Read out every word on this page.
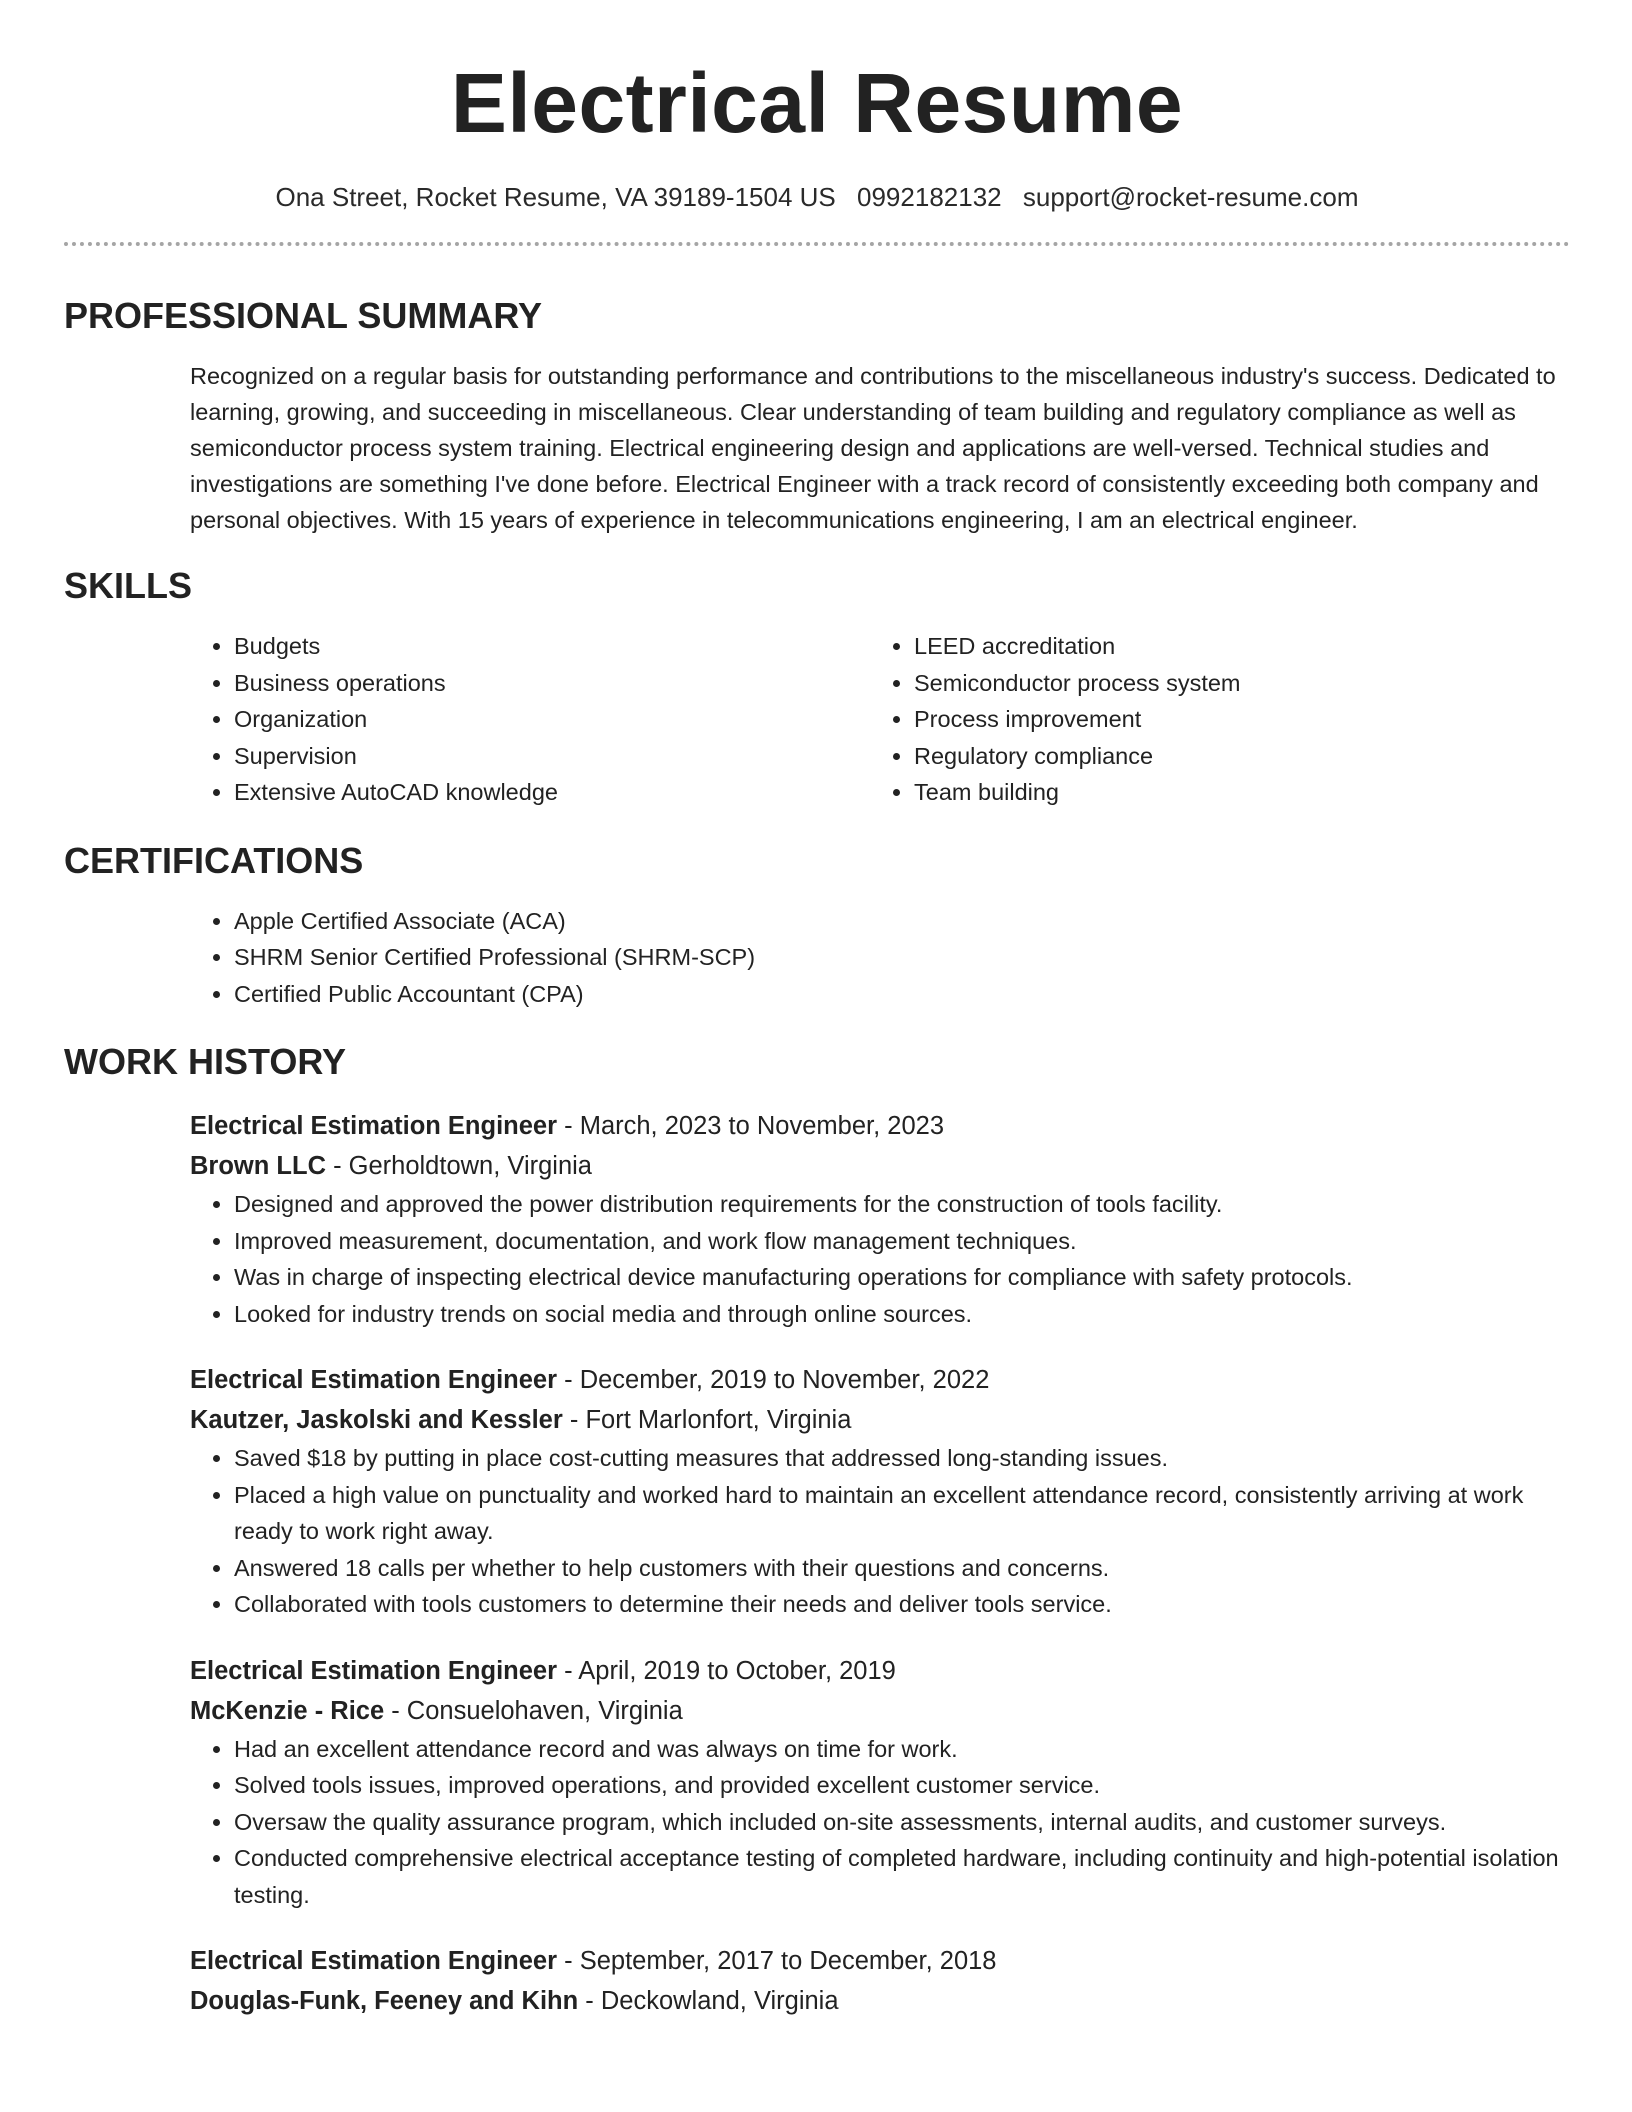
Electrical Resume
Ona Street, Rocket Resume, VA 39189-1504 US 0992182132 support@rocket-resume.com
PROFESSIONAL SUMMARY

Recognized on a regular basis for outstanding performance and contributions to the miscellaneous industry's success. Dedicated to learning, growing, and succeeding in miscellaneous. Clear understanding of team building and regulatory compliance as well as semiconductor process system training. Electrical engineering design and applications are well-versed. Technical studies and investigations are something I've done before. Electrical Engineer with a track record of consistently exceeding both company and personal objectives. With 15 years of experience in telecommunications engineering, I am an electrical engineer.

SKILLS
• Budgets
• Business operations
• Organization
• Supervision
• Extensive AutoCAD knowledge
• LEED accreditation
• Semiconductor process system
• Process improvement
• Regulatory compliance
• Team building
CERTIFICATIONS
• Apple Certified Associate (ACA)
• SHRM Senior Certified Professional (SHRM-SCP)
• Certified Public Accountant (CPA)
WORK HISTORY
Electrical Estimation Engineer - March, 2023 to November, 2023
Brown LLC - Gerholdtown, Virginia
• Designed and approved the power distribution requirements for the construction of tools facility.
• Improved measurement, documentation, and work flow management techniques.
• Was in charge of inspecting electrical device manufacturing operations for compliance with safety protocols.
• Looked for industry trends on social media and through online sources.
Electrical Estimation Engineer - December, 2019 to November, 2022
Kautzer, Jaskolski and Kessler - Fort Marlonfort, Virginia
• Saved $18 by putting in place cost-cutting measures that addressed long-standing issues.
• Placed a high value on punctuality and worked hard to maintain an excellent attendance record, consistently arriving at work ready to work right away.
• Answered 18 calls per whether to help customers with their questions and concerns.
• Collaborated with tools customers to determine their needs and deliver tools service.
Electrical Estimation Engineer - April, 2019 to October, 2019
McKenzie - Rice - Consuelohaven, Virginia
• Had an excellent attendance record and was always on time for work.
• Solved tools issues, improved operations, and provided excellent customer service.
• Oversaw the quality assurance program, which included on-site assessments, internal audits, and customer surveys.
• Conducted comprehensive electrical acceptance testing of completed hardware, including continuity and high-potential isolation testing.
Electrical Estimation Engineer - September, 2017 to December, 2018
Douglas-Funk, Feeney and Kihn - Deckowland, Virginia
